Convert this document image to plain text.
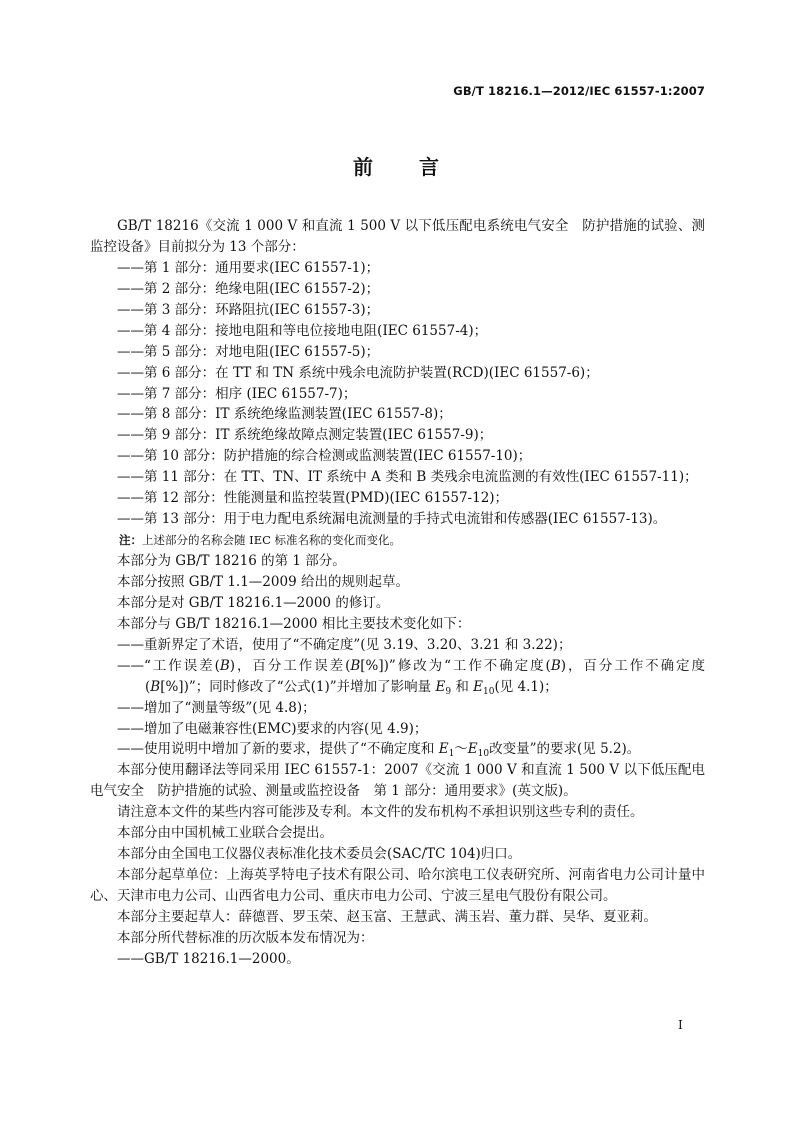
GB/T 18216.1—2012/IEC 61557-1:2007
前　　言
GB/T 18216《交流 1 000 V 和直流 1 500 V 以下低压配电系统电气安全　防护措施的试验、测
监控设备》目前拟分为 13 个部分：
——第 1 部分：通用要求(IEC 61557-1)；
——第 2 部分：绝缘电阻(IEC 61557-2)；
——第 3 部分：环路阻抗(IEC 61557-3)；
——第 4 部分：接地电阻和等电位接地电阻(IEC 61557-4)；
——第 5 部分：对地电阻(IEC 61557-5)；
——第 6 部分：在 TT 和 TN 系统中残余电流防护装置(RCD)(IEC 61557-6)；
——第 7 部分：相序 (IEC 61557-7)；
——第 8 部分：IT 系统绝缘监测装置(IEC 61557-8)；
——第 9 部分：IT 系统绝缘故障点测定装置(IEC 61557-9)；
——第 10 部分：防护措施的综合检测或监测装置(IEC 61557-10)；
——第 11 部分：在 TT、TN、IT 系统中 A 类和 B 类残余电流监测的有效性(IEC 61557-11)；
——第 12 部分：性能测量和监控装置(PMD)(IEC 61557-12)；
——第 13 部分：用于电力配电系统漏电流测量的手持式电流钳和传感器(IEC 61557-13)。
注：上述部分的名称会随 IEC 标准名称的变化而变化。
本部分为 GB/T 18216 的第 1 部分。
本部分按照 GB/T 1.1—2009 给出的规则起草。
本部分是对 GB/T 18216.1—2000 的修订。
本部分与 GB/T 18216.1—2000 相比主要技术变化如下：
——重新界定了术语，使用了“不确定度”(见 3.19、3.20、3.21 和 3.22)；
——“工作误差(B)，百分工作误差(B[%])”修改为“工作不确定度(B)，百分工作不确定度
(B[%])”；同时修改了“公式(1)”并增加了影响量 $E_9$ 和 $E_{10}$(见 4.1)；
——增加了“测量等级”(见 4.8)；
——增加了电磁兼容性(EMC)要求的内容(见 4.9)；
——使用说明中增加了新的要求，提供了“不确定度和 $E_1\sim E_{10}$改变量”的要求(见 5.2)。
本部分使用翻译法等同采用 IEC 61557-1：2007《交流 1 000 V 和直流 1 500 V 以下低压配电
电气安全　防护措施的试验、测量或监控设备　第 1 部分：通用要求》(英文版)。
请注意本文件的某些内容可能涉及专利。本文件的发布机构不承担识别这些专利的责任。
本部分由中国机械工业联合会提出。
本部分由全国电工仪器仪表标准化技术委员会(SAC/TC 104)归口。
本部分起草单位：上海英孚特电子技术有限公司、哈尔滨电工仪表研究所、河南省电力公司计量中
心、天津市电力公司、山西省电力公司、重庆市电力公司、宁波三星电气股份有限公司。
本部分主要起草人：薛德晋、罗玉荣、赵玉富、王慧武、满玉岩、董力群、吴华、夏亚莉。
本部分所代替标准的历次版本发布情况为：
——GB/T 18216.1—2000。
I
